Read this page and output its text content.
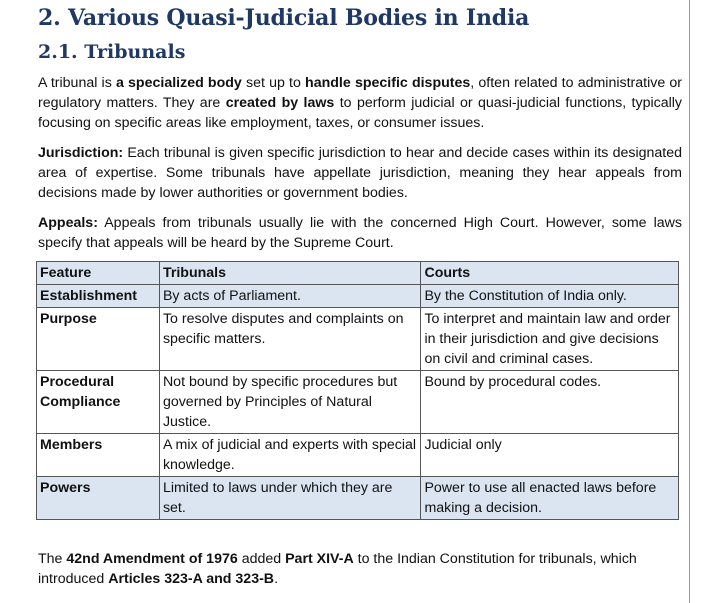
2. Various Quasi-Judicial Bodies in India
2.1. Tribunals

A tribunal is a specialized body set up to handle specific disputes, often related to administrative or regulatory matters. They are created by laws to perform judicial or quasi-judicial functions, typically focusing on specific areas like employment, taxes, or consumer issues.

Jurisdiction: Each tribunal is given specific jurisdiction to hear and decide cases within its designated area of expertise. Some tribunals have appellate jurisdiction, meaning they hear appeals from decisions made by lower authorities or government bodies.

Appeals: Appeals from tribunals usually lie with the concerned High Court. However, some laws specify that appeals will be heard by the Supreme Court.

Feature	Tribunals	Courts
Establishment	By acts of Parliament.	By the Constitution of India only.
Purpose	To resolve disputes and complaints on specific matters.	To interpret and maintain law and order in their jurisdiction and give decisions on civil and criminal cases.
Procedural Compliance	Not bound by specific procedures but governed by Principles of Natural Justice.	Bound by procedural codes.
Members	A mix of judicial and experts with special knowledge.	Judicial only
Powers	Limited to laws under which they are set.	Power to use all enacted laws before making a decision.

The 42nd Amendment of 1976 added Part XIV-A to the Indian Constitution for tribunals, which introduced Articles 323-A and 323-B.
